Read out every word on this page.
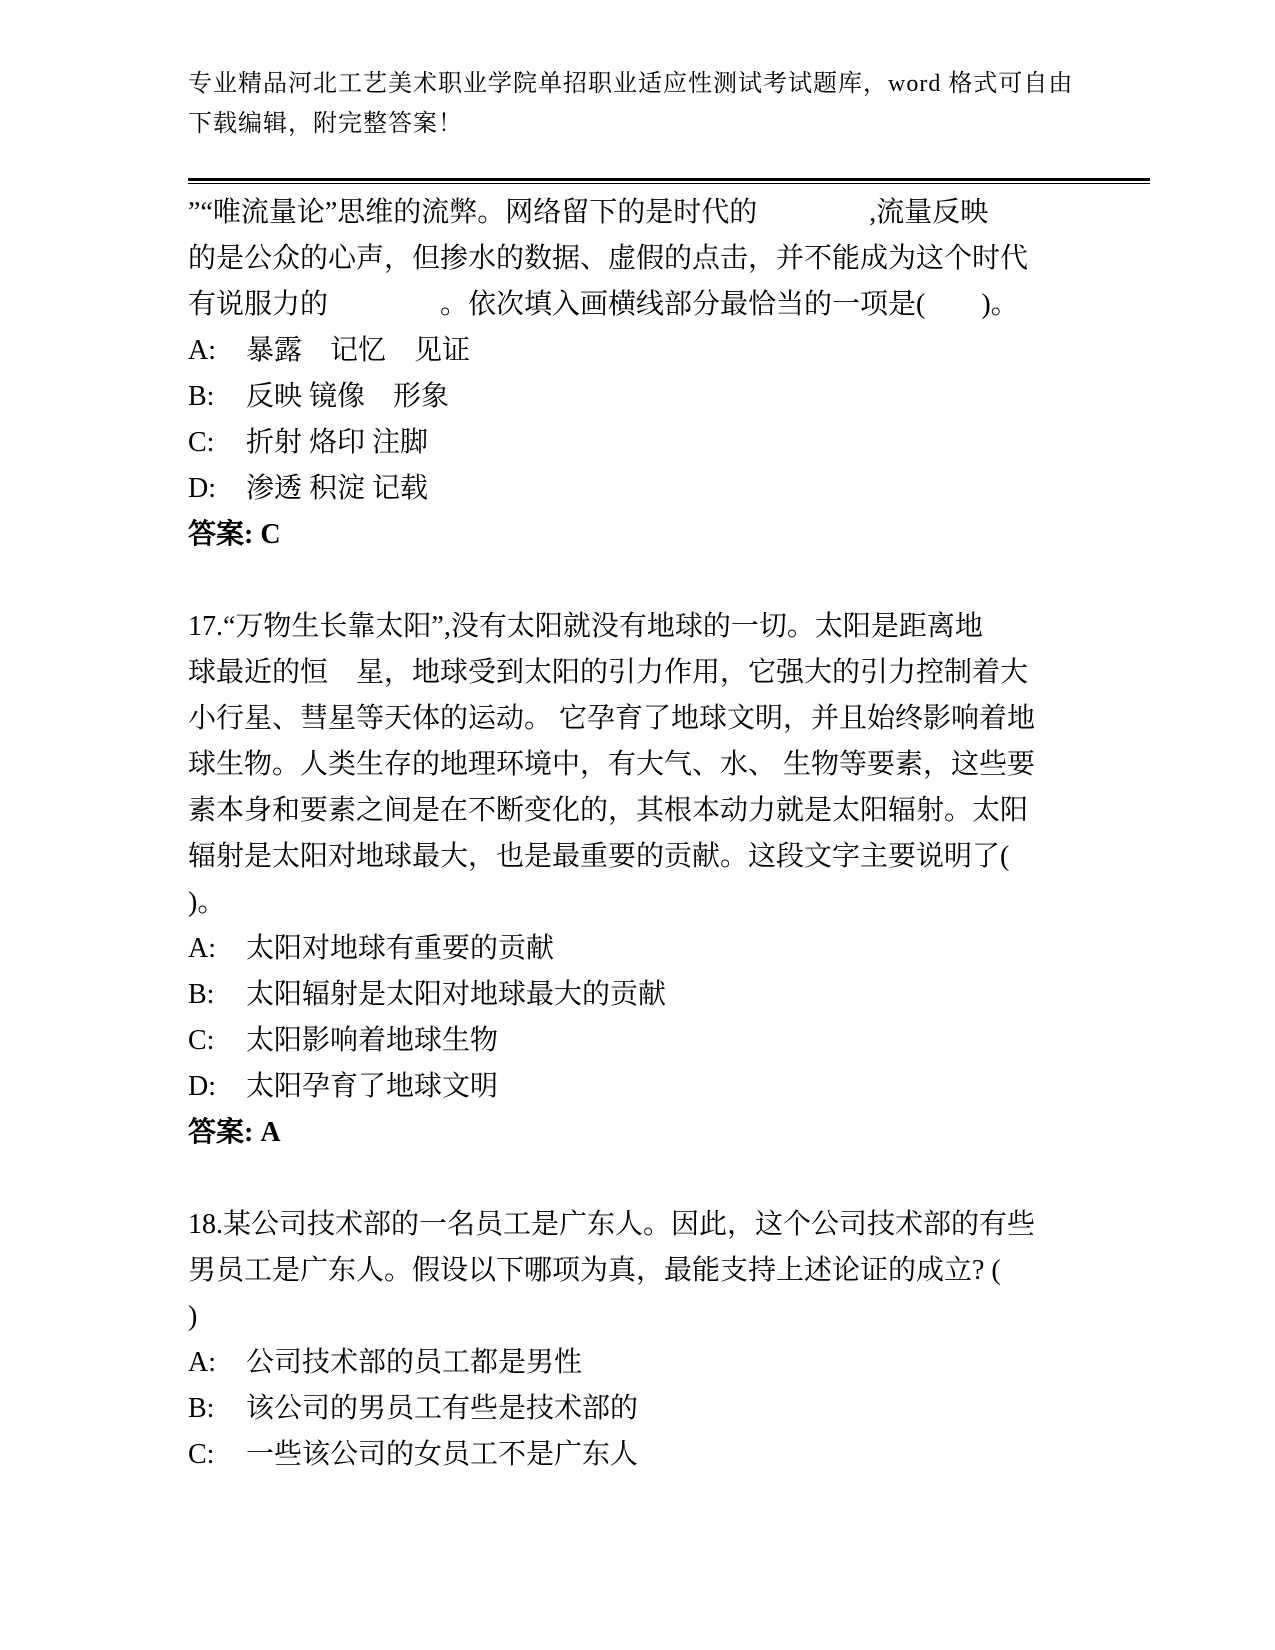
专业精品河北工艺美术职业学院单招职业适应性测试考试题库，word 格式可自由
下载编辑，附完整答案！
”“唯流量论”思维的流弊。网络留下的是时代的　　　　,流量反映
的是公众的心声，但掺水的数据、虚假的点击，并不能成为这个时代
有说服力的　　　　。依次填入画横线部分最恰当的一项是(　　)。
A:	暴露　记忆　见证
B:	反映 镜像　形象
C:	折射 烙印 注脚
D:	渗透 积淀 记载
答案: C
17.“万物生长靠太阳”,没有太阳就没有地球的一切。太阳是距离地
球最近的恒　星，地球受到太阳的引力作用，它强大的引力控制着大
小行星、彗星等天体的运动。 它孕育了地球文明，并且始终影响着地
球生物。人类生存的地理环境中，有大气、水、 生物等要素，这些要
素本身和要素之间是在不断变化的，其根本动力就是太阳辐射。太阳
辐射是太阳对地球最大，也是最重要的贡献。这段文字主要说明了(
)。
A:	太阳对地球有重要的贡献
B:	太阳辐射是太阳对地球最大的贡献
C:	太阳影响着地球生物
D:	太阳孕育了地球文明
答案: A
18.某公司技术部的一名员工是广东人。因此，这个公司技术部的有些
男员工是广东人。假设以下哪项为真，最能支持上述论证的成立? (
)
A:	公司技术部的员工都是男性
B:	该公司的男员工有些是技术部的
C:	一些该公司的女员工不是广东人
